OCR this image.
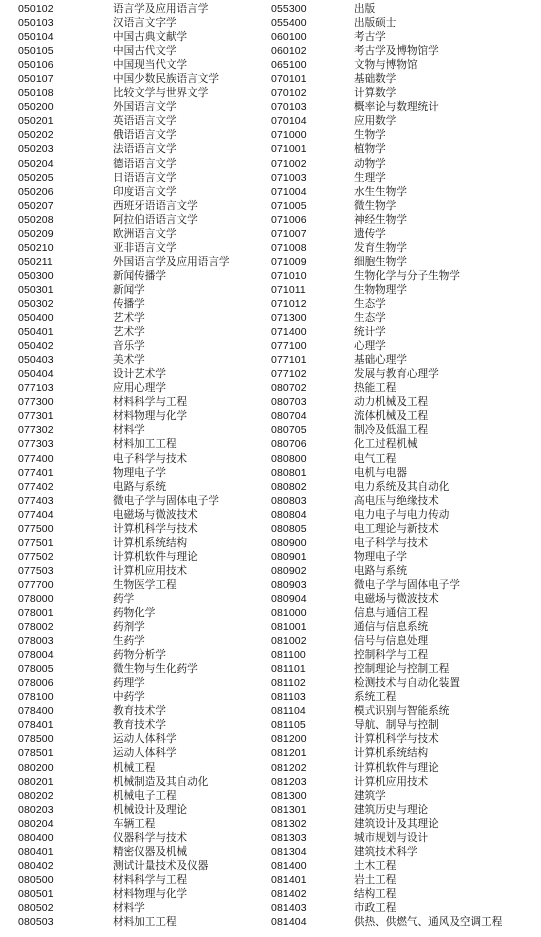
050102	语言学及应用语言学
050103	汉语言文字学
050104	中国古典文献学
050105	中国古代文学
050106	中国现当代文学
050107	中国少数民族语言文学
050108	比较文学与世界文学
050200	外国语言文学
050201	英语语言文学
050202	俄语语言文学
050203	法语语言文学
050204	德语语言文学
050205	日语语言文学
050206	印度语言文学
050207	西班牙语语言文学
050208	阿拉伯语语言文学
050209	欧洲语言文学
050210	亚非语言文学
050211	外国语言学及应用语言学
050300	新闻传播学
050301	新闻学
050302	传播学
050400	艺术学
050401	艺术学
050402	音乐学
050403	美术学
050404	设计艺术学
077103	应用心理学
077300	材料科学与工程
077301	材料物理与化学
077302	材料学
077303	材料加工工程
077400	电子科学与技术
077401	物理电子学
077402	电路与系统
077403	微电子学与固体电子学
077404	电磁场与微波技术
077500	计算机科学与技术
077501	计算机系统结构
077502	计算机软件与理论
077503	计算机应用技术
077700	生物医学工程
078000	药学
078001	药物化学
078002	药剂学
078003	生药学
078004	药物分析学
078005	微生物与生化药学
078006	药理学
078100	中药学
078400	教育技术学
078401	教育技术学
078500	运动人体科学
078501	运动人体科学
080200	机械工程
080201	机械制造及其自动化
080202	机械电子工程
080203	机械设计及理论
080204	车辆工程
080400	仪器科学与技术
080401	精密仪器及机械
080402	测试计量技术及仪器
080500	材料科学与工程
080501	材料物理与化学
080502	材料学
080503	材料加工工程
055300	出版
055400	出版硕士
060100	考古学
060102	考古学及博物馆学
065100	文物与博物馆
070101	基础数学
070102	计算数学
070103	概率论与数理统计
070104	应用数学
071000	生物学
071001	植物学
071002	动物学
071003	生理学
071004	水生生物学
071005	微生物学
071006	神经生物学
071007	遗传学
071008	发育生物学
071009	细胞生物学
071010	生物化学与分子生物学
071011	生物物理学
071012	生态学
071300	生态学
071400	统计学
077100	心理学
077101	基础心理学
077102	发展与教育心理学
080702	热能工程
080703	动力机械及工程
080704	流体机械及工程
080705	制冷及低温工程
080706	化工过程机械
080800	电气工程
080801	电机与电器
080802	电力系统及其自动化
080803	高电压与绝缘技术
080804	电力电子与电力传动
080805	电工理论与新技术
080900	电子科学与技术
080901	物理电子学
080902	电路与系统
080903	微电子学与固体电子学
080904	电磁场与微波技术
081000	信息与通信工程
081001	通信与信息系统
081002	信号与信息处理
081100	控制科学与工程
081101	控制理论与控制工程
081102	检测技术与自动化装置
081103	系统工程
081104	模式识别与智能系统
081105	导航、制导与控制
081200	计算机科学与技术
081201	计算机系统结构
081202	计算机软件与理论
081203	计算机应用技术
081300	建筑学
081301	建筑历史与理论
081302	建筑设计及其理论
081303	城市规划与设计
081304	建筑技术科学
081400	土木工程
081401	岩土工程
081402	结构工程
081403	市政工程
081404	供热、供燃气、通风及空调工程
